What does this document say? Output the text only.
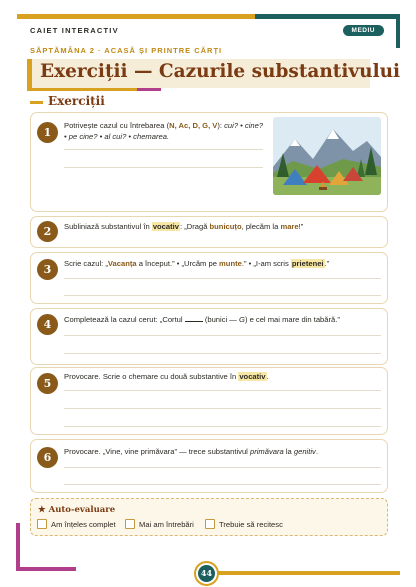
CAIET INTERACTIV	MEDIU
SĂPTĂMÂNA 2 · ACASĂ ȘI PRINTRE CĂRȚI
Exerciții — Cazurile substantivului
Exerciții
1
Potrivește cazul cu întrebarea (N, Ac, D, G, V): cui? • cine? • pe cine? • al cui? • chemarea.
2	Subliniază substantivul în vocativ: „Dragă bunicuțo, plecăm la mare!”
3	Scrie cazul: „Vacanța a început.” • „Urcăm pe munte.” • „I-am scris prietenei.”
4	Completează la cazul cerut: „Cortul  (bunici — G) e cel mai mare din tabără.”
5
Provocare. Scrie o chemare cu două substantive în vocativ.
6	Provocare. „Vine, vine primăvara” — trece substantivul primăvara la genitiv.
★ Auto-evaluare
Am înțeles complet	Mai am întrebări	Trebuie să recitesc
44
